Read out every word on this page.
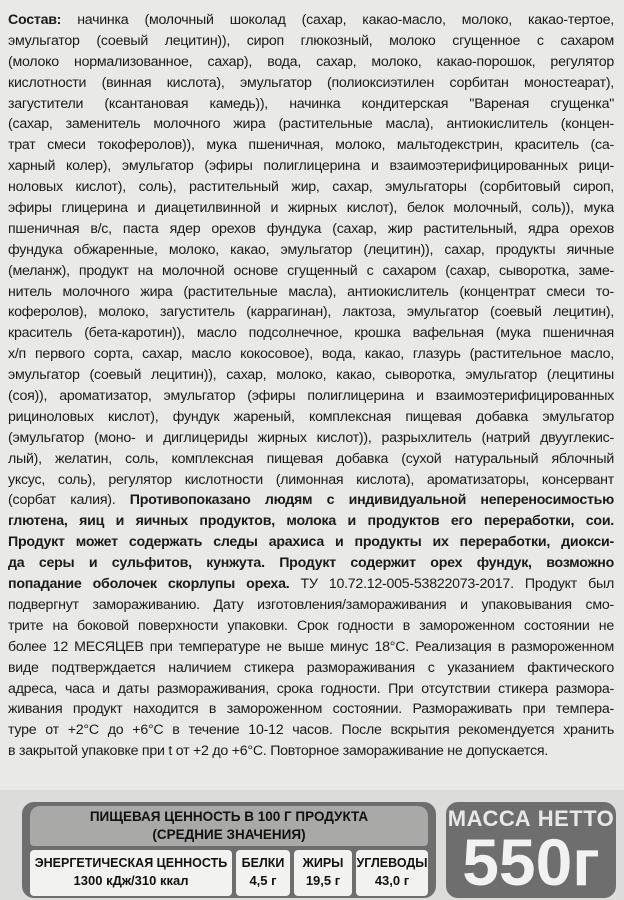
Состав: начинка (молочный шоколад (сахар, какао-масло, молоко, какао-тертое,
эмульгатор (соевый лецитин)), сироп глюкозный, молоко сгущенное с сахаром
(молоко нормализованное, сахар), вода, сахар, молоко, какао-порошок, регулятор
кислотности (винная кислота), эмульгатор (полиоксиэтилен сорбитан моностеарат),
загустители (ксантановая камедь)), начинка кондитерская "Вареная сгущенка"
(сахар, заменитель молочного жира (растительные масла), антиокислитель (концен-
трат смеси токоферолов)), мука пшеничная, молоко, мальтодекстрин, краситель (са-
харный колер), эмульгатор (эфиры полиглицерина и взаимоэтерифицированных рици-
ноловых кислот), соль), растительный жир, сахар, эмульгаторы (сорбитовый сироп,
эфиры глицерина и диацетилвинной и жирных кислот), белок молочный, соль)), мука
пшеничная в/с, паста ядер орехов фундука (сахар, жир растительный, ядра орехов
фундука обжаренные, молоко, какао, эмульгатор (лецитин)), сахар, продукты яичные
(меланж), продукт на молочной основе сгущенный с сахаром (сахар, сыворотка, заме-
нитель молочного жира (растительные масла), антиокислитель (концентрат смеси то-
коферолов), молоко, загуститель (каррагинан), лактоза, эмульгатор (соевый лецитин),
краситель (бета-каротин)), масло подсолнечное, крошка вафельная (мука пшеничная
х/п первого сорта, сахар, масло кокосовое), вода, какао, глазурь (растительное масло,
эмульгатор (соевый лецитин)), сахар, молоко, какао, сыворотка, эмульгатор (лецитины
(соя)), ароматизатор, эмульгатор (эфиры полиглицерина и взаимоэтерифицированных
рициноловых кислот), фундук жареный, комплексная пищевая добавка эмульгатор
(эмульгатор (моно- и диглицериды жирных кислот)), разрыхлитель (натрий двууглекис-
лый), желатин, соль, комплексная пищевая добавка (сухой натуральный яблочный
уксус, соль), регулятор кислотности (лимонная кислота), ароматизаторы, консервант
(сорбат калия). Противопоказано людям с индивидуальной непереносимостью
глютена, яиц и яичных продуктов, молока и продуктов его переработки, сои.
Продукт может содержать следы арахиса и продукты их переработки, диокси-
да серы и сульфитов, кунжута. Продукт содержит орех фундук, возможно
попадание оболочек скорлупы ореха. ТУ 10.72.12-005-53822073-2017. Продукт был
подвергнут замораживанию. Дату изготовления/замораживания и упаковывания смо-
трите на боковой поверхности упаковки. Срок годности в замороженном состоянии не
более 12 МЕСЯЦЕВ при температуре не выше минус 18°С. Реализация в размороженном
виде подтверждается наличием стикера размораживания с указанием фактического
адреса, часа и даты размораживания, срока годности. При отсутствии стикера размора-
живания продукт находится в замороженном состоянии. Размораживать при темпера-
туре от +2°С до +6°С в течение 10-12 часов. После вскрытия рекомендуется хранить
в закрытой упаковке при t от +2 до +6°С. Повторное замораживание не допускается.
ПИЩЕВАЯ ЦЕННОСТЬ В 100 Г ПРОДУКТА
(СРЕДНИЕ ЗНАЧЕНИЯ)
ЭНЕРГЕТИЧЕСКАЯ ЦЕННОСТЬ
1300 кДж/310 ккал
БЕЛКИ
4,5 г
ЖИРЫ
19,5 г
УГЛЕВОДЫ
43,0 г
МАССА НЕТТО
550г
